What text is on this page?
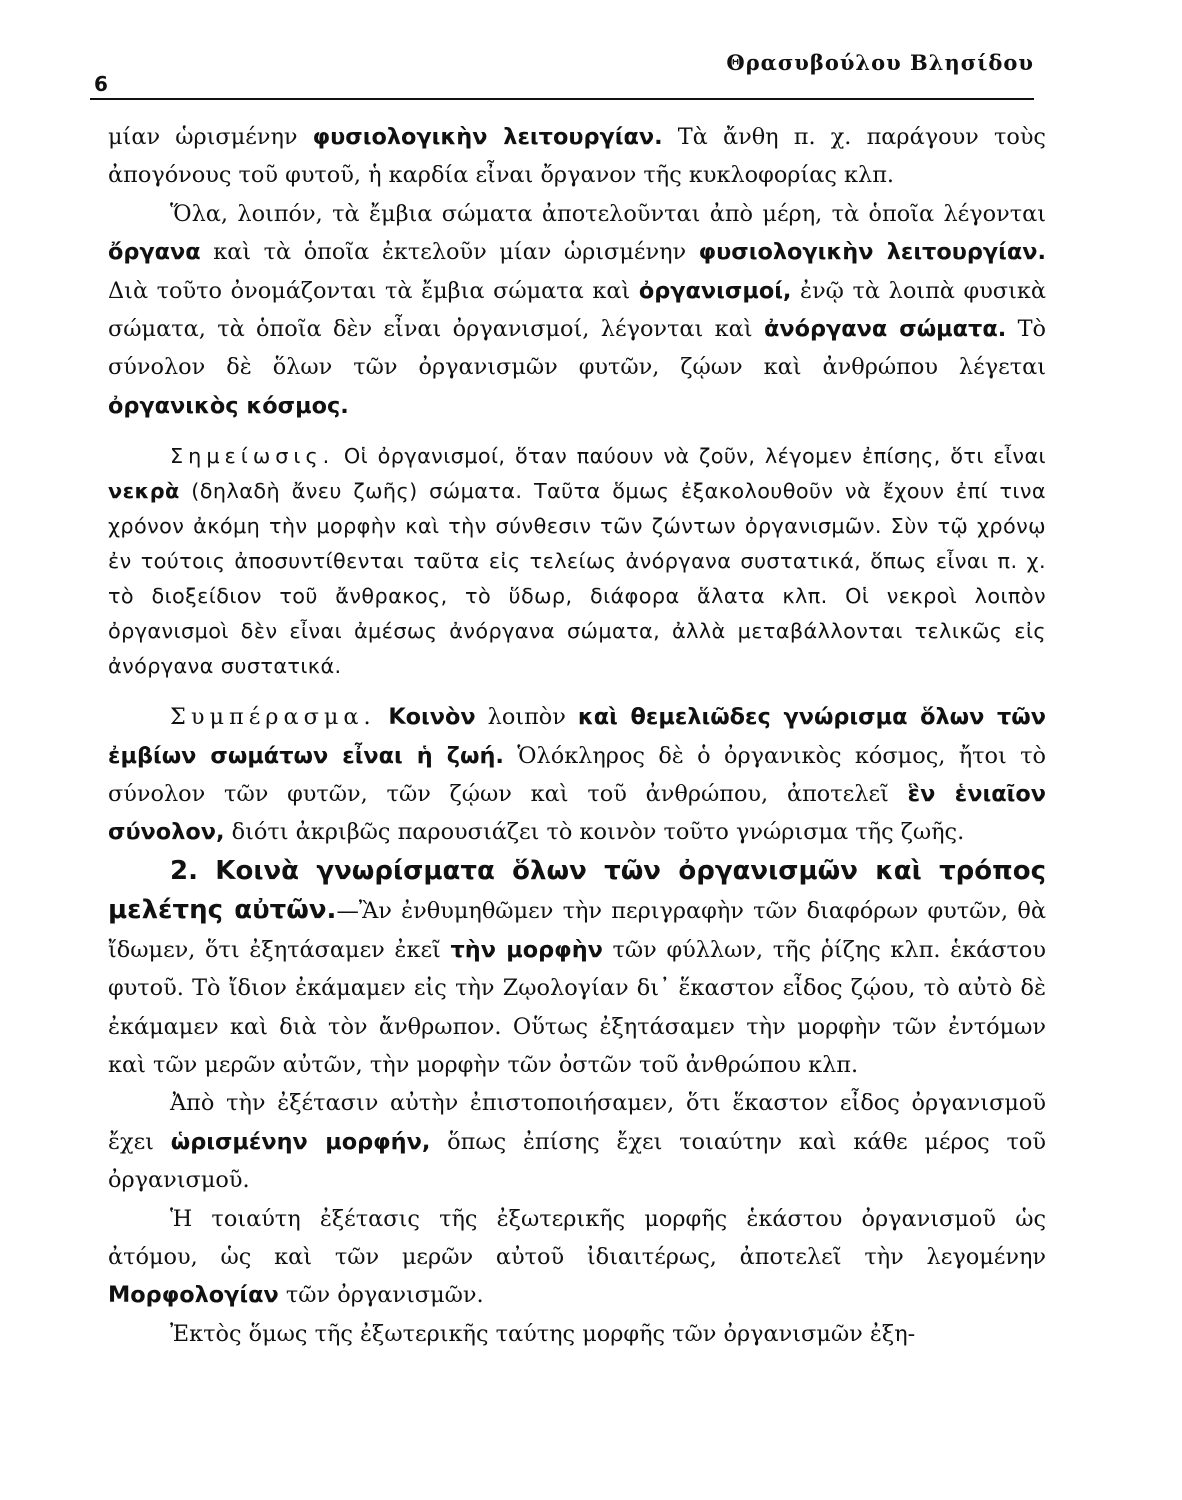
6
Θρασυβούλου Βλησίδου

μίαν ὡρισμένην φυσιολογικὴν λειτουργίαν. Τὰ ἄνθη π. χ. παράγουν τοὺς ἀπογόνους τοῦ φυτοῦ, ἡ καρδία εἶναι ὄργανον τῆς κυκλοφορίας κλπ.

Ὅλα, λοιπόν, τὰ ἔμβια σώματα ἀποτελοῦνται ἀπὸ μέρη, τὰ ὁποῖα λέγονται ὄργανα καὶ τὰ ὁποῖα ἐκτελοῦν μίαν ὡρισμένην φυσιολογικὴν λειτουργίαν. Διὰ τοῦτο ὀνομάζονται τὰ ἔμβια σώματα καὶ ὀργανισμοί, ἐνῷ τὰ λοιπὰ φυσικὰ σώματα, τὰ ὁποῖα δὲν εἶναι ὀργανισμοί, λέγονται καὶ ἀνόργανα σώματα. Τὸ σύνολον δὲ ὅλων τῶν ὀργανισμῶν φυτῶν, ζῴων καὶ ἀνθρώπου λέγεται ὀργανικὸς κόσμος.

Σημείωσις. Οἱ ὀργανισμοί, ὅταν παύουν νὰ ζοῦν, λέγομεν ἐπίσης, ὅτι εἶναι νεκρὰ (δηλαδὴ ἄνευ ζωῆς) σώματα. Ταῦτα ὅμως ἐξακολουθοῦν νὰ ἔχουν ἐπί τινα χρόνον ἀκόμη τὴν μορφὴν καὶ τὴν σύνθεσιν τῶν ζώντων ὀργανισμῶν. Σὺν τῷ χρόνῳ ἐν τούτοις ἀποσυντίθενται ταῦτα εἰς τελείως ἀνόργανα συστατικά, ὅπως εἶναι π. χ. τὸ διοξείδιον τοῦ ἄνθρακος, τὸ ὕδωρ, διάφορα ἅλατα κλπ. Οἱ νεκροὶ λοιπὸν ὀργανισμοὶ δὲν εἶναι ἀμέσως ἀνόργανα σώματα, ἀλλὰ μεταβάλλονται τελικῶς εἰς ἀνόργανα συστατικά.

Συμπέρασμα. Κοινὸν λοιπὸν καὶ θεμελιῶδες γνώρισμα ὅλων τῶν ἐμβίων σωμάτων εἶναι ἡ ζωή. Ὁλόκληρος δὲ ὁ ὀργανικὸς κόσμος, ἤτοι τὸ σύνολον τῶν φυτῶν, τῶν ζῴων καὶ τοῦ ἀνθρώπου, ἀποτελεῖ ἓν ἑνιαῖον σύνολον, διότι ἀκριβῶς παρουσιάζει τὸ κοινὸν τοῦτο γνώρισμα τῆς ζωῆς.

2. Κοινὰ γνωρίσματα ὅλων τῶν ὀργανισμῶν καὶ τρόπος μελέτης αὐτῶν.—Ἂν ἐνθυμηθῶμεν τὴν περιγραφὴν τῶν διαφόρων φυτῶν, θὰ ἴδωμεν, ὅτι ἐξητάσαμεν ἐκεῖ τὴν μορφὴν τῶν φύλλων, τῆς ῥίζης κλπ. ἑκάστου φυτοῦ. Τὸ ἴδιον ἐκάμαμεν εἰς τὴν Ζῳολογίαν δι᾽ ἕκαστον εἶδος ζῴου, τὸ αὐτὸ δὲ ἐκάμαμεν καὶ διὰ τὸν ἄνθρωπον. Οὕτως ἐξητάσαμεν τὴν μορφὴν τῶν ἐντόμων καὶ τῶν μερῶν αὐτῶν, τὴν μορφὴν τῶν ὀστῶν τοῦ ἀνθρώπου κλπ.

Ἀπὸ τὴν ἐξέτασιν αὐτὴν ἐπιστοποιήσαμεν, ὅτι ἕκαστον εἶδος ὀργανισμοῦ ἔχει ὡρισμένην μορφήν, ὅπως ἐπίσης ἔχει τοιαύτην καὶ κάθε μέρος τοῦ ὀργανισμοῦ.

Ἡ τοιαύτη ἐξέτασις τῆς ἐξωτερικῆς μορφῆς ἑκάστου ὀργανισμοῦ ὡς ἀτόμου, ὡς καὶ τῶν μερῶν αὐτοῦ ἰδιαιτέρως, ἀποτελεῖ τὴν λεγομένην Μορφολογίαν τῶν ὀργανισμῶν.

Ἐκτὸς ὅμως τῆς ἐξωτερικῆς ταύτης μορφῆς τῶν ὀργανισμῶν ἐξη-
